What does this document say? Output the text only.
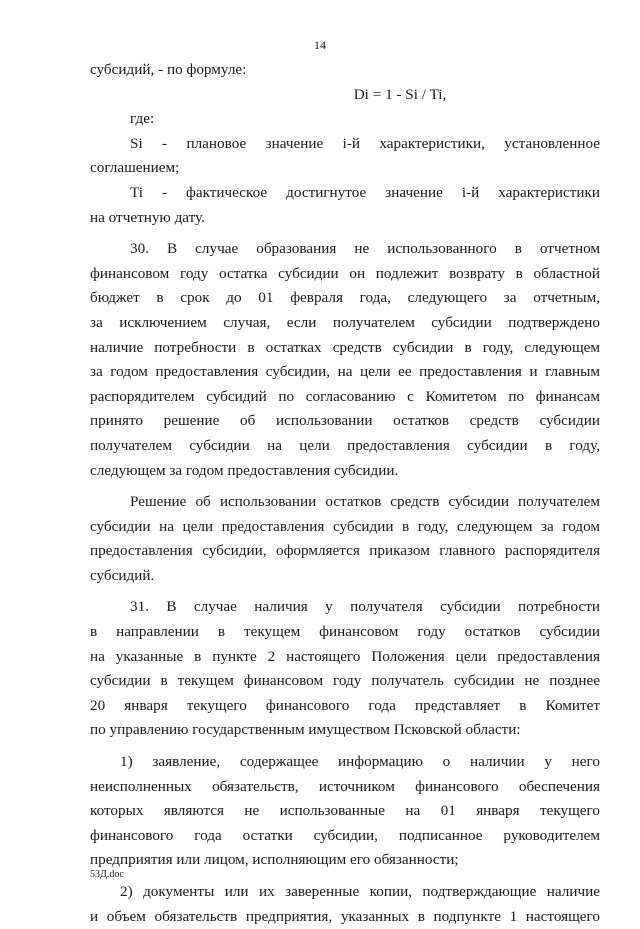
14

субсидий, - по формуле:

Di = 1 - Si / Ti,

где:

Si - плановое значение i-й характеристики, установленное

соглашением;

Ti - фактическое достигнутое значение i-й характеристики

на отчетную дату.

30. В случае образования не использованного в отчетном

финансовом году остатка субсидии он подлежит возврату в областной

бюджет в срок до 01 февраля года, следующего за отчетным,

за исключением случая, если получателем субсидии подтверждено

наличие потребности в остатках средств субсидии в году, следующем

за годом предоставления субсидии, на цели ее предоставления и главным

распорядителем субсидий по согласованию с Комитетом по финансам

принято решение об использовании остатков средств субсидии

получателем субсидии на цели предоставления субсидии в году,

следующем за годом предоставления субсидии.

Решение об использовании остатков средств субсидии получателем

субсидии на цели предоставления субсидии в году, следующем за годом

предоставления субсидии, оформляется приказом главного распорядителя

субсидий.

31. В случае наличия у получателя субсидии потребности

в направлении в текущем финансовом году остатков субсидии

на указанные в пункте 2 настоящего Положения цели предоставления

субсидии в текущем финансовом году получатель субсидии не позднее

20 января текущего финансового года представляет в Комитет

по управлению государственным имуществом Псковской области:

1) заявление, содержащее информацию о наличии у него

неисполненных обязательств, источником финансового обеспечения

которых являются не использованные на 01 января текущего

финансового года остатки субсидии, подписанное руководителем

предприятия или лицом, исполняющим его обязанности;

2) документы или их заверенные копии, подтверждающие наличие

и объем обязательств предприятия, указанных в подпункте 1 настоящего

53Д.doc
